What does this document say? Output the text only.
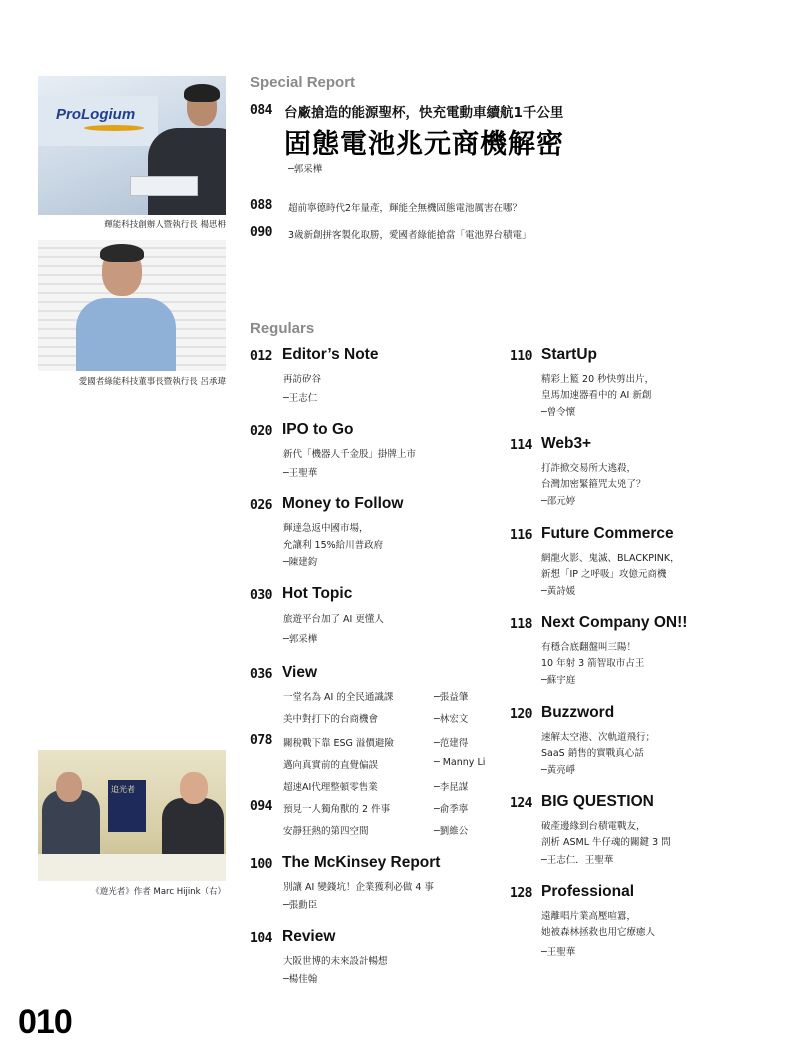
ProLogium
輝能科技創辦人暨執行長 楊思枏
愛國者綠能科技董事長暨執行長 呂承瑋
追光者
《遊光者》作者 Marc Hijink（右）
Special Report
084 台廠搶造的能源聖杯，快充電動車續航1千公里
固態電池兆元商機解密
─郭采樺
088 超前寧德時代2年量產，輝能全無機固態電池厲害在哪？
090 3歲新創拼客製化取勝，愛國者綠能搶當「電池界台積電」
Regulars
012 Editor’s Note
再訪矽谷
─王志仁
020 IPO to Go
新代「機器人千金股」掛牌上市
─王聖華
026 Money to Follow
輝達急返中國市場，
允讓利 15%給川普政府
─陳建鈞
030 Hot Topic
旅遊平台加了 AI 更懂人
─郭采樺
036 View
一堂名為 AI 的全民通識課	─張益肇
美中對打下的台商機會	─林宏文
078 關稅戰下靠 ESG 溢價避險	─范建得
邁向真實前的直覺偏誤	─ Manny Li
超速AI代理整頓零售業	─李昆謀
094 預見一人獨角獸的 2 件事	─俞季寧
安靜狂熱的第四空間	─劉維公
100 The McKinsey Report
別讓 AI 變錢坑！企業獲利必做 4 事
─張勳臣
104 Review
大阪世博的未來設計暢想
─楊佳翰
110 StartUp
精彩上籃 20 秒快剪出片，
皇馬加速器看中的 AI 新創
─曾令懷
114 Web3+
打詐掀交易所大逃殺，
台灣加密緊箍咒太兇了？
─邵元婷
116 Future Commerce
網龍火影、鬼滅、BLACKPINK，
新想「IP 之呼吸」攻億元商機
─黃詩媛
118 Next Company ON!!
有穩合底翻盤叫三陽！
10 年射 3 箭智取市占王
─蘇宇庭
120 Buzzword
速解太空港、次軌道飛行；
SaaS 銷售的實戰真心話
─黃亮崢
124 BIG QUESTION
破產邊緣到台積電戰友，
剖析 ASML 牛仔魂的關鍵 3 問
─王志仁．王聖華
128 Professional
遠離唱片業高壓喧囂，
她被森林拯救也用它療癒人
─王聖華
010
